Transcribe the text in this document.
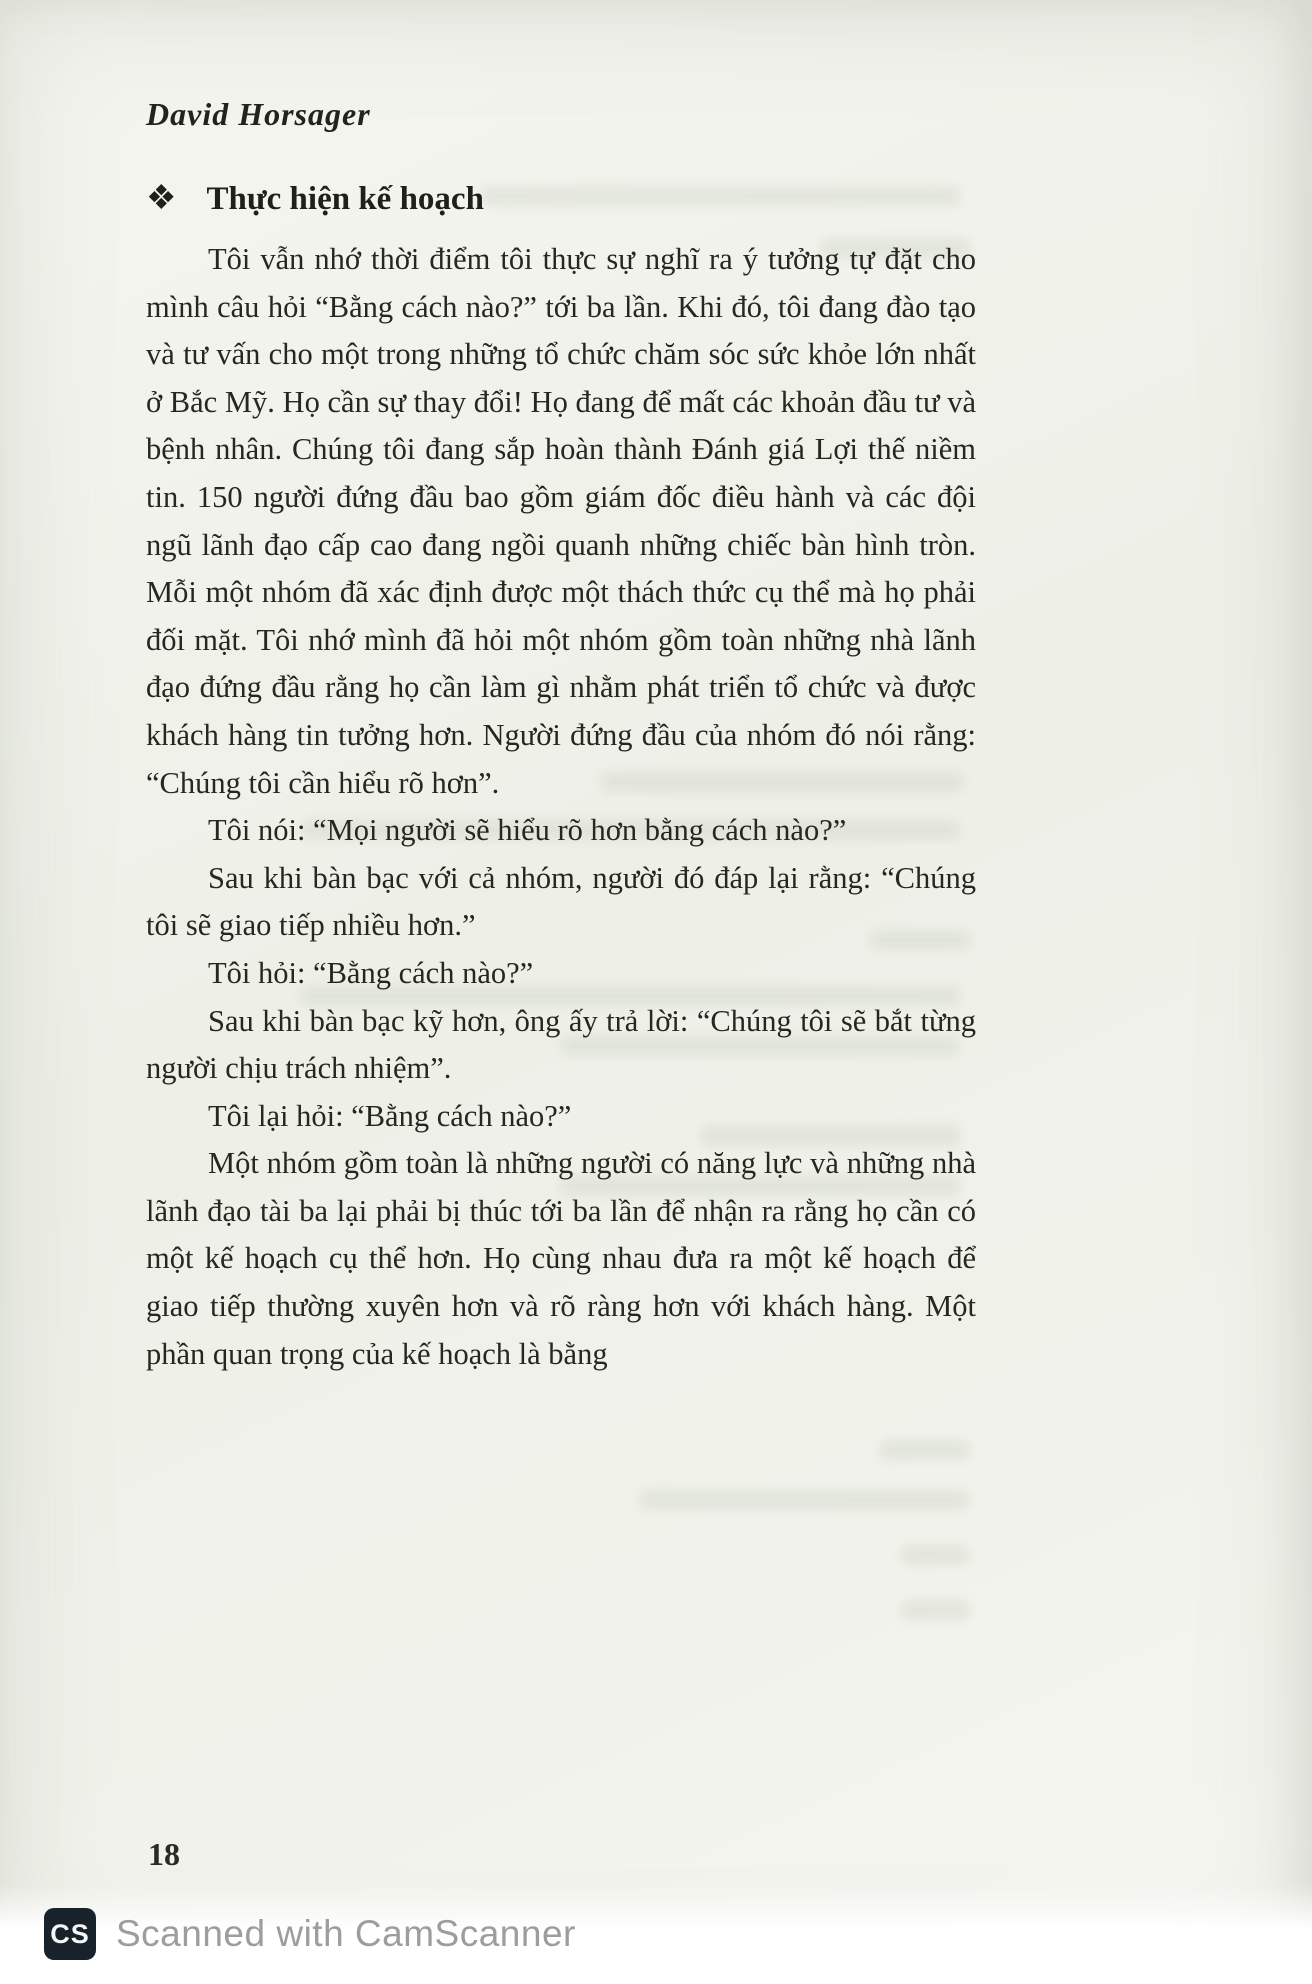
David Horsager
❖ Thực hiện kế hoạch

Tôi vẫn nhớ thời điểm tôi thực sự nghĩ ra ý tưởng tự đặt cho mình câu hỏi “Bằng cách nào?” tới ba lần. Khi đó, tôi đang đào tạo và tư vấn cho một trong những tổ chức chăm sóc sức khỏe lớn nhất ở Bắc Mỹ. Họ cần sự thay đổi! Họ đang để mất các khoản đầu tư và bệnh nhân. Chúng tôi đang sắp hoàn thành Đánh giá Lợi thế niềm tin. 150 người đứng đầu bao gồm giám đốc điều hành và các đội ngũ lãnh đạo cấp cao đang ngồi quanh những chiếc bàn hình tròn. Mỗi một nhóm đã xác định được một thách thức cụ thể mà họ phải đối mặt. Tôi nhớ mình đã hỏi một nhóm gồm toàn những nhà lãnh đạo đứng đầu rằng họ cần làm gì nhằm phát triển tổ chức và được khách hàng tin tưởng hơn. Người đứng đầu của nhóm đó nói rằng: “Chúng tôi cần hiểu rõ hơn”.

Tôi nói: “Mọi người sẽ hiểu rõ hơn bằng cách nào?”

Sau khi bàn bạc với cả nhóm, người đó đáp lại rằng: “Chúng tôi sẽ giao tiếp nhiều hơn.”

Tôi hỏi: “Bằng cách nào?”

Sau khi bàn bạc kỹ hơn, ông ấy trả lời: “Chúng tôi sẽ bắt từng người chịu trách nhiệm”.

Tôi lại hỏi: “Bằng cách nào?”

Một nhóm gồm toàn là những người có năng lực và những nhà lãnh đạo tài ba lại phải bị thúc tới ba lần để nhận ra rằng họ cần có một kế hoạch cụ thể hơn. Họ cùng nhau đưa ra một kế hoạch để giao tiếp thường xuyên hơn và rõ ràng hơn với khách hàng. Một phần quan trọng của kế hoạch là bằng

18
CS Scanned with CamScanner
